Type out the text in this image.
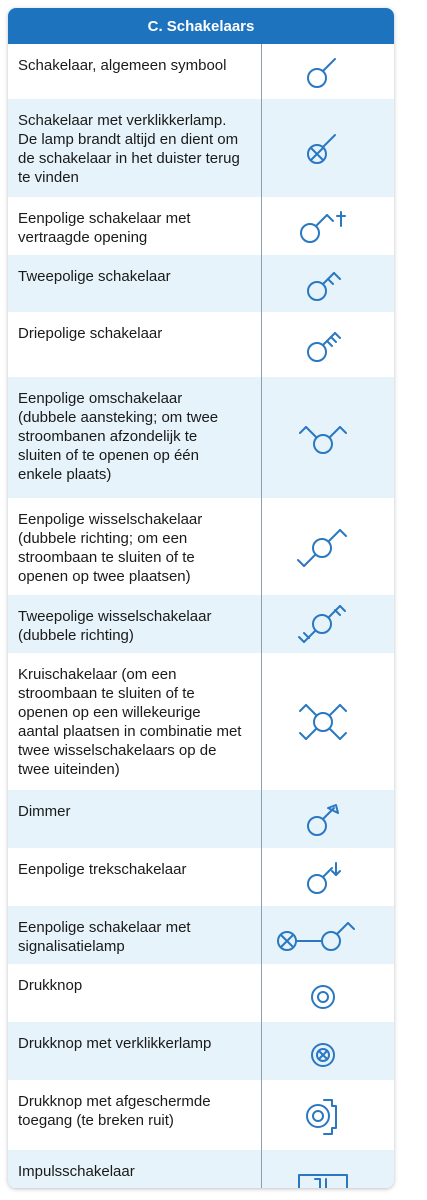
C. Schakelaars
Schakelaar, algemeen symbool
Schakelaar met verklikkerlamp. De lamp brandt altijd en dient om de schakelaar in het duister terug te vinden
Eenpolige schakelaar met vertraagde opening
Tweepolige schakelaar
Driepolige schakelaar
Eenpolige omschakelaar (dubbele aansteking; om twee stroombanen afzondelijk te sluiten of te openen op één enkele plaats)
Eenpolige wisselschakelaar (dubbele richting; om een stroombaan te sluiten of te openen op twee plaatsen)
Tweepolige wisselschakelaar (dubbele richting)
Kruischakelaar (om een stroombaan te sluiten of te openen op een willekeurige aantal plaatsen in combinatie met twee wisselschakelaars op de twee uiteinden)
Dimmer
Eenpolige trekschakelaar
Eenpolige schakelaar met signalisatielamp
Drukknop
Drukknop met verklikkerlamp
Drukknop met afgeschermde toegang (te breken ruit)
Impulsschakelaar
